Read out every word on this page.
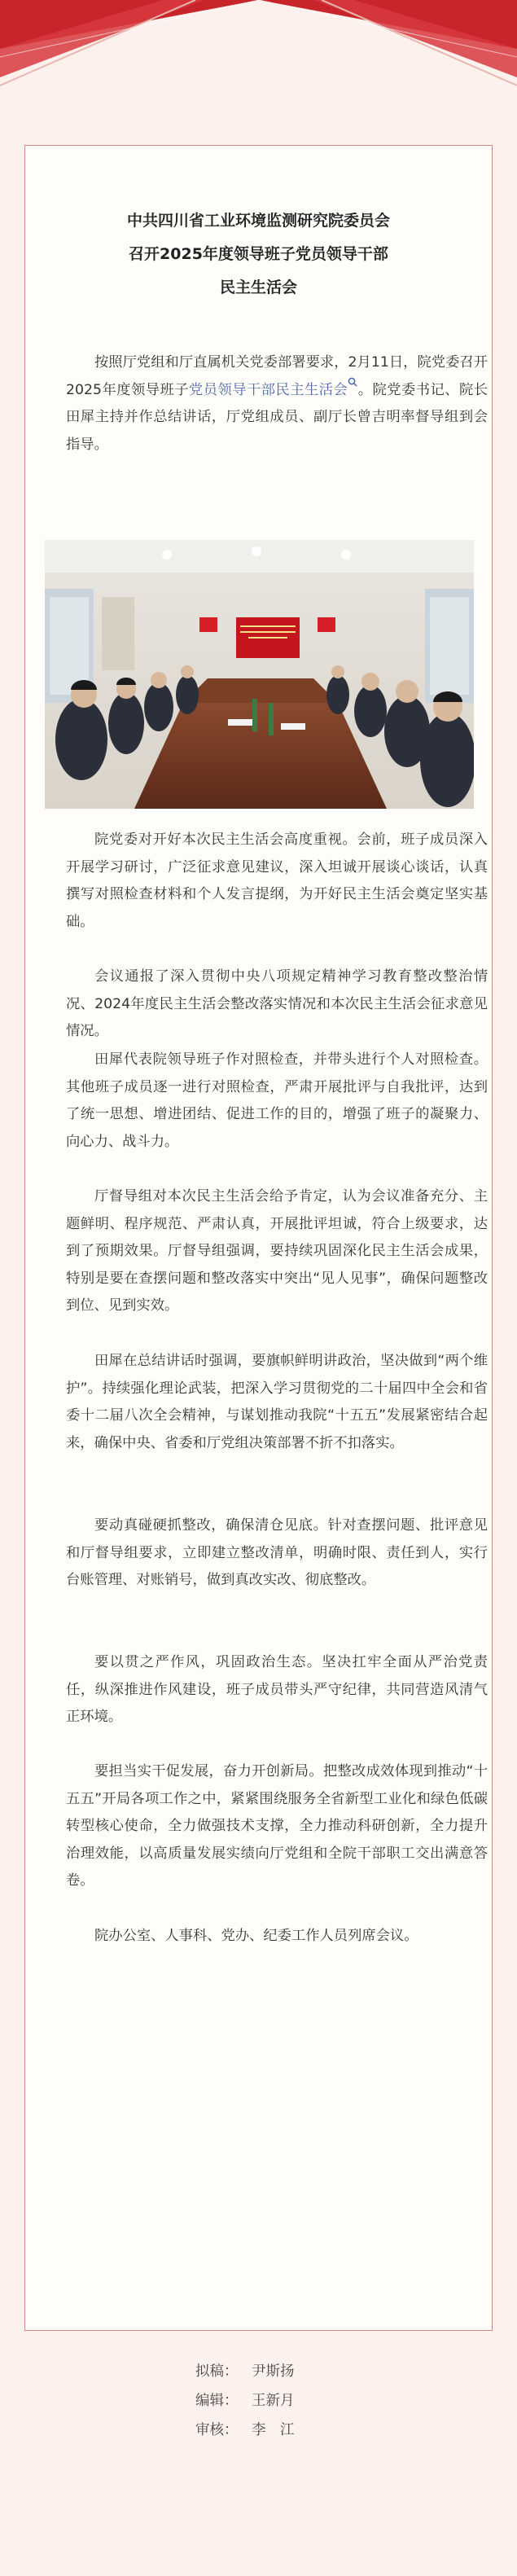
中共四川省工业环境监测研究院委员会
召开2025年度领导班子党员领导干部
民主生活会

按照厅党组和厅直属机关党委部署要求，2月11日，院党委召开2025年度领导班子党员领导干部民主生活会 。院党委书记、院长田犀主持并作总结讲话，厅党组成员、副厅长曾吉明率督导组到会指导。

院党委对开好本次民主生活会高度重视。会前，班子成员深入开展学习研讨，广泛征求意见建议，深入坦诚开展谈心谈话，认真撰写对照检查材料和个人发言提纲，为开好民主生活会奠定坚实基础。

会议通报了深入贯彻中央八项规定精神学习教育整改整治情况、2024年度民主生活会整改落实情况和本次民主生活会征求意见情况。

田犀代表院领导班子作对照检查，并带头进行个人对照检查。其他班子成员逐一进行对照检查，严肃开展批评与自我批评，达到了统一思想、增进团结、促进工作的目的，增强了班子的凝聚力、向心力、战斗力。

厅督导组对本次民主生活会给予肯定，认为会议准备充分、主题鲜明、程序规范、严肃认真，开展批评坦诚，符合上级要求，达到了预期效果。厅督导组强调，要持续巩固深化民主生活会成果，特别是要在查摆问题和整改落实中突出“见人见事”，确保问题整改到位、见到实效。

田犀在总结讲话时强调，要旗帜鲜明讲政治，坚决做到“两个维护”。持续强化理论武装，把深入学习贯彻党的二十届四中全会和省委十二届八次全会精神，与谋划推动我院“十五五”发展紧密结合起来，确保中央、省委和厅党组决策部署不折不扣落实。

要动真碰硬抓整改，确保清仓见底。针对查摆问题、批评意见和厅督导组要求，立即建立整改清单，明确时限、责任到人，实行台账管理、对账销号，做到真改实改、彻底整改。

要以贯之严作风，巩固政治生态。坚决扛牢全面从严治党责任，纵深推进作风建设，班子成员带头严守纪律，共同营造风清气正环境。

要担当实干促发展，奋力开创新局。把整改成效体现到推动“十五五”开局各项工作之中，紧紧围绕服务全省新型工业化和绿色低碳转型核心使命，全力做强技术支撑，全力推动科研创新，全力提升治理效能，以高质量发展实绩向厅党组和全院干部职工交出满意答卷。

院办公室、人事科、党办、纪委工作人员列席会议。

拟稿： 尹斯扬
编辑： 王新月
审核： 李　江
